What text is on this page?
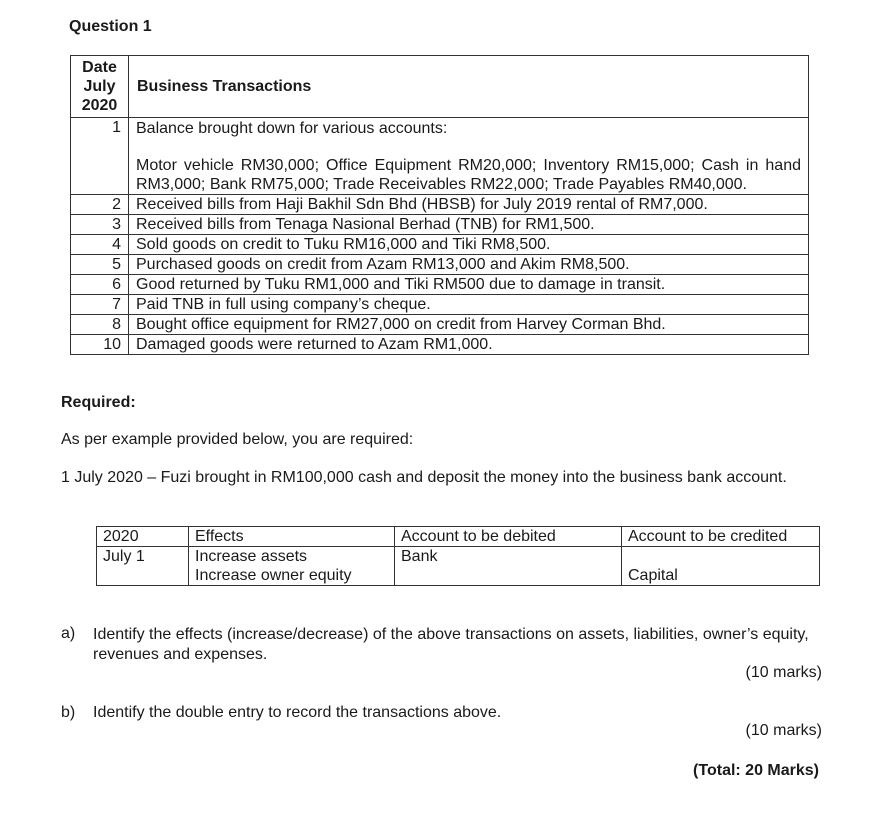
Question 1
Date
July
2020	Business Transactions
1	Balance brought down for various accounts:
Motor vehicle RM30,000; Office Equipment RM20,000; Inventory RM15,000; Cash in hand RM3,000; Bank RM75,000; Trade Receivables RM22,000; Trade Payables RM40,000.

2	Received bills from Haji Bakhil Sdn Bhd (HBSB) for July 2019 rental of RM7,000.
3	Received bills from Tenaga Nasional Berhad (TNB) for RM1,500.
4	Sold goods on credit to Tuku RM16,000 and Tiki RM8,500.
5	Purchased goods on credit from Azam RM13,000 and Akim RM8,500.
6	Good returned by Tuku RM1,000 and Tiki RM500 due to damage in transit.
7	Paid TNB in full using company’s cheque.
8	Bought office equipment for RM27,000 on credit from Harvey Corman Bhd.
10	Damaged goods were returned to Azam RM1,000.
Required:
As per example provided below, you are required:
1 July 2020 – Fuzi brought in RM100,000 cash and deposit the money into the business bank account.
2020	Effects	Account to be debited	Account to be credited
July 1	Increase assets	Bank	
	Increase owner equity		Capital
a) Identify the effects (increase/decrease) of the above transactions on assets, liabilities, owner’s equity, revenues and expenses.
(10 marks)
b) Identify the double entry to record the transactions above.
(10 marks)
(Total: 20 Marks)
